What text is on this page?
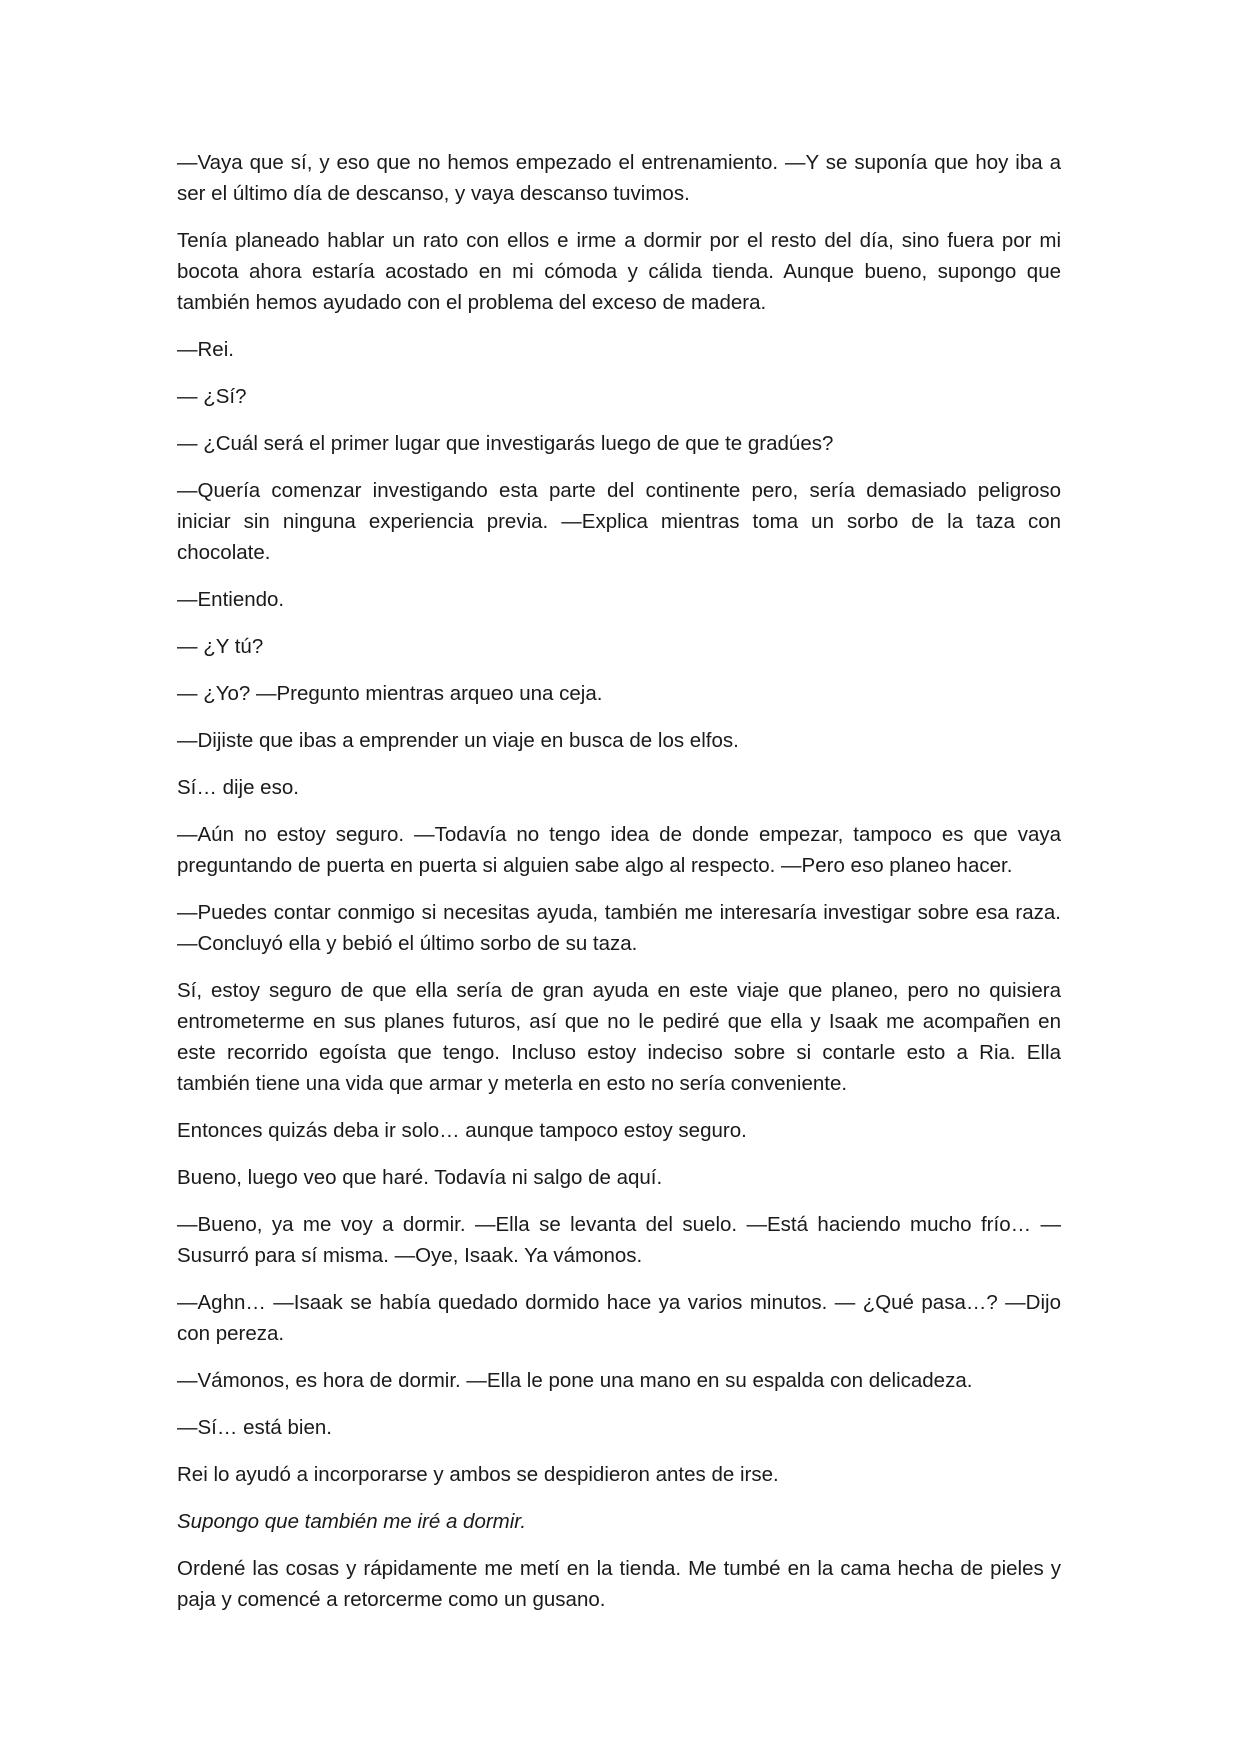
—Vaya que sí, y eso que no hemos empezado el entrenamiento. —Y se suponía que hoy iba a ser el último día de descanso, y vaya descanso tuvimos.

Tenía planeado hablar un rato con ellos e irme a dormir por el resto del día, sino fuera por mi bocota ahora estaría acostado en mi cómoda y cálida tienda. Aunque bueno, supongo que también hemos ayudado con el problema del exceso de madera.

—Rei.

— ¿Sí?

— ¿Cuál será el primer lugar que investigarás luego de que te gradúes?

—Quería comenzar investigando esta parte del continente pero, sería demasiado peligroso iniciar sin ninguna experiencia previa. —Explica mientras toma un sorbo de la taza con chocolate.

—Entiendo.

— ¿Y tú?

— ¿Yo? —Pregunto mientras arqueo una ceja.

—Dijiste que ibas a emprender un viaje en busca de los elfos.

Sí… dije eso.

—Aún no estoy seguro. —Todavía no tengo idea de donde empezar, tampoco es que vaya preguntando de puerta en puerta si alguien sabe algo al respecto. —Pero eso planeo hacer.

—Puedes contar conmigo si necesitas ayuda, también me interesaría investigar sobre esa raza. —Concluyó ella y bebió el último sorbo de su taza.

Sí, estoy seguro de que ella sería de gran ayuda en este viaje que planeo, pero no quisiera entrometerme en sus planes futuros, así que no le pediré que ella y Isaak me acompañen en este recorrido egoísta que tengo. Incluso estoy indeciso sobre si contarle esto a Ria. Ella también tiene una vida que armar y meterla en esto no sería conveniente.

Entonces quizás deba ir solo… aunque tampoco estoy seguro.

Bueno, luego veo que haré. Todavía ni salgo de aquí.

—Bueno, ya me voy a dormir. —Ella se levanta del suelo. —Está haciendo mucho frío… —Susurró para sí misma. —Oye, Isaak. Ya vámonos.

—Aghn… —Isaak se había quedado dormido hace ya varios minutos. — ¿Qué pasa…? —Dijo con pereza.

—Vámonos, es hora de dormir. —Ella le pone una mano en su espalda con delicadeza.

—Sí… está bien.

Rei lo ayudó a incorporarse y ambos se despidieron antes de irse.

Supongo que también me iré a dormir.

Ordené las cosas y rápidamente me metí en la tienda. Me tumbé en la cama hecha de pieles y paja y comencé a retorcerme como un gusano.
